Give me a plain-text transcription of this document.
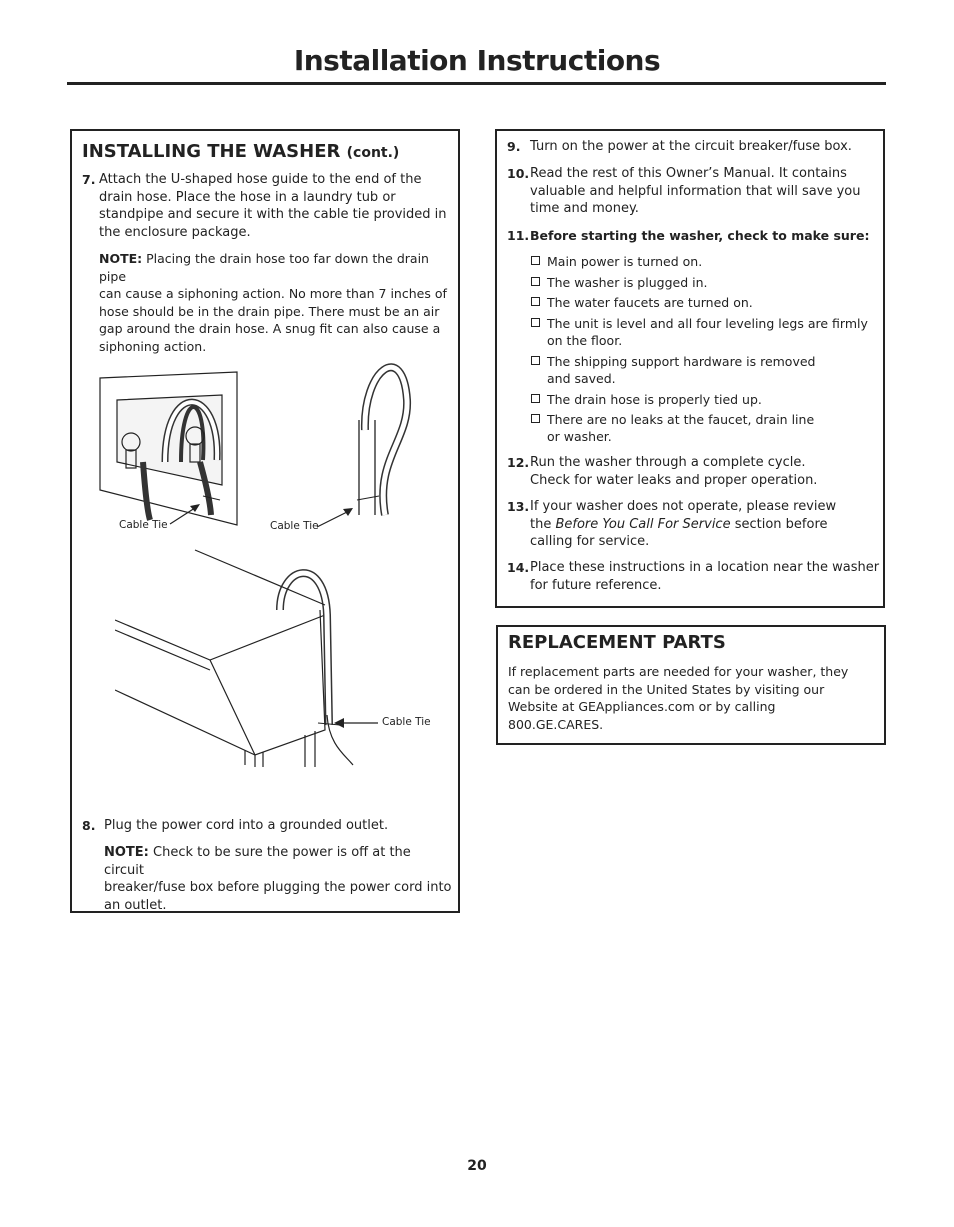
Installation Instructions
INSTALLING THE WASHER (cont.)
7. Attach the U-shaped hose guide to the end of the
drain hose. Place the hose in a laundry tub or
standpipe and secure it with the cable tie provided in
the enclosure package.
NOTE: Placing the drain hose too far down the drain pipe
can cause a siphoning action. No more than 7 inches of
hose should be in the drain pipe. There must be an air
gap around the drain hose. A snug fit can also cause a
siphoning action.
Cable Tie	Cable Tie
Cable Tie
8. Plug the power cord into a grounded outlet.
NOTE: Check to be sure the power is off at the circuit
breaker/fuse box before plugging the power cord into
an outlet.
9. Turn on the power at the circuit breaker/fuse box.
10. Read the rest of this Owner’s Manual. It contains
valuable and helpful information that will save you
time and money.
11. Before starting the washer, check to make sure:
Main power is turned on.
The washer is plugged in.
The water faucets are turned on.
The unit is level and all four leveling legs are firmly
on the floor.
The shipping support hardware is removed
and saved.
The drain hose is properly tied up.
There are no leaks at the faucet, drain line
or washer.
12. Run the washer through a complete cycle.
Check for water leaks and proper operation.
13. If your washer does not operate, please review
the Before You Call For Service section before
calling for service.
14. Place these instructions in a location near the washer
for future reference.
REPLACEMENT PARTS
If replacement parts are needed for your washer, they
can be ordered in the United States by visiting our
Website at GEAppliances.com or by calling
800.GE.CARES.
20
